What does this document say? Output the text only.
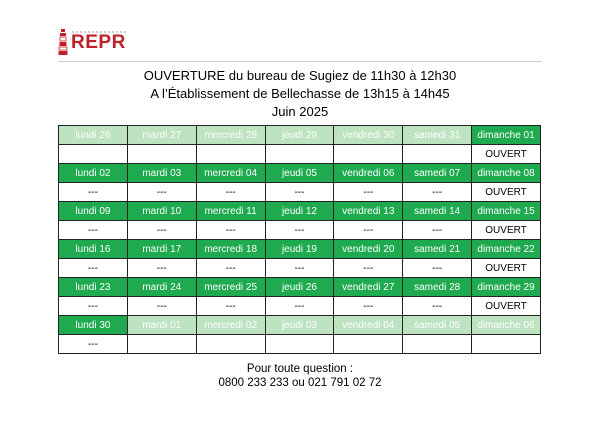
REPR
OUVERTURE du bureau de Sugiez de 11h30 à 12h30
A l’Établissement de Bellechasse de 13h15 à 14h45
Juin 2025
lundi 26	mardi 27	mercredi 28	jeudi 29	vendredi 30	samedi 31	dimanche 01
						OUVERT
lundi 02	mardi 03	mercredi 04	jeudi 05	vendredi 06	samedi 07	dimanche 08
---	---	---	---	---	---	OUVERT
lundi 09	mardi 10	mercredi 11	jeudi 12	vendredi 13	samedi 14	dimanche 15
---	---	---	---	---	---	OUVERT
lundi 16	mardi 17	mercredi 18	jeudi 19	vendredi 20	samedi 21	dimanche 22
---	---	---	---	---	---	OUVERT
lundi 23	mardi 24	mercredi 25	jeudi 26	vendredi 27	samedi 28	dimanche 29
---	---	---	---	---	---	OUVERT
lundi 30	mardi 01	mercredi 02	jeudi 03	vendredi 04	samedi 05	dimanche 06
---						
Pour toute question :
0800 233 233 ou 021 791 02 72
